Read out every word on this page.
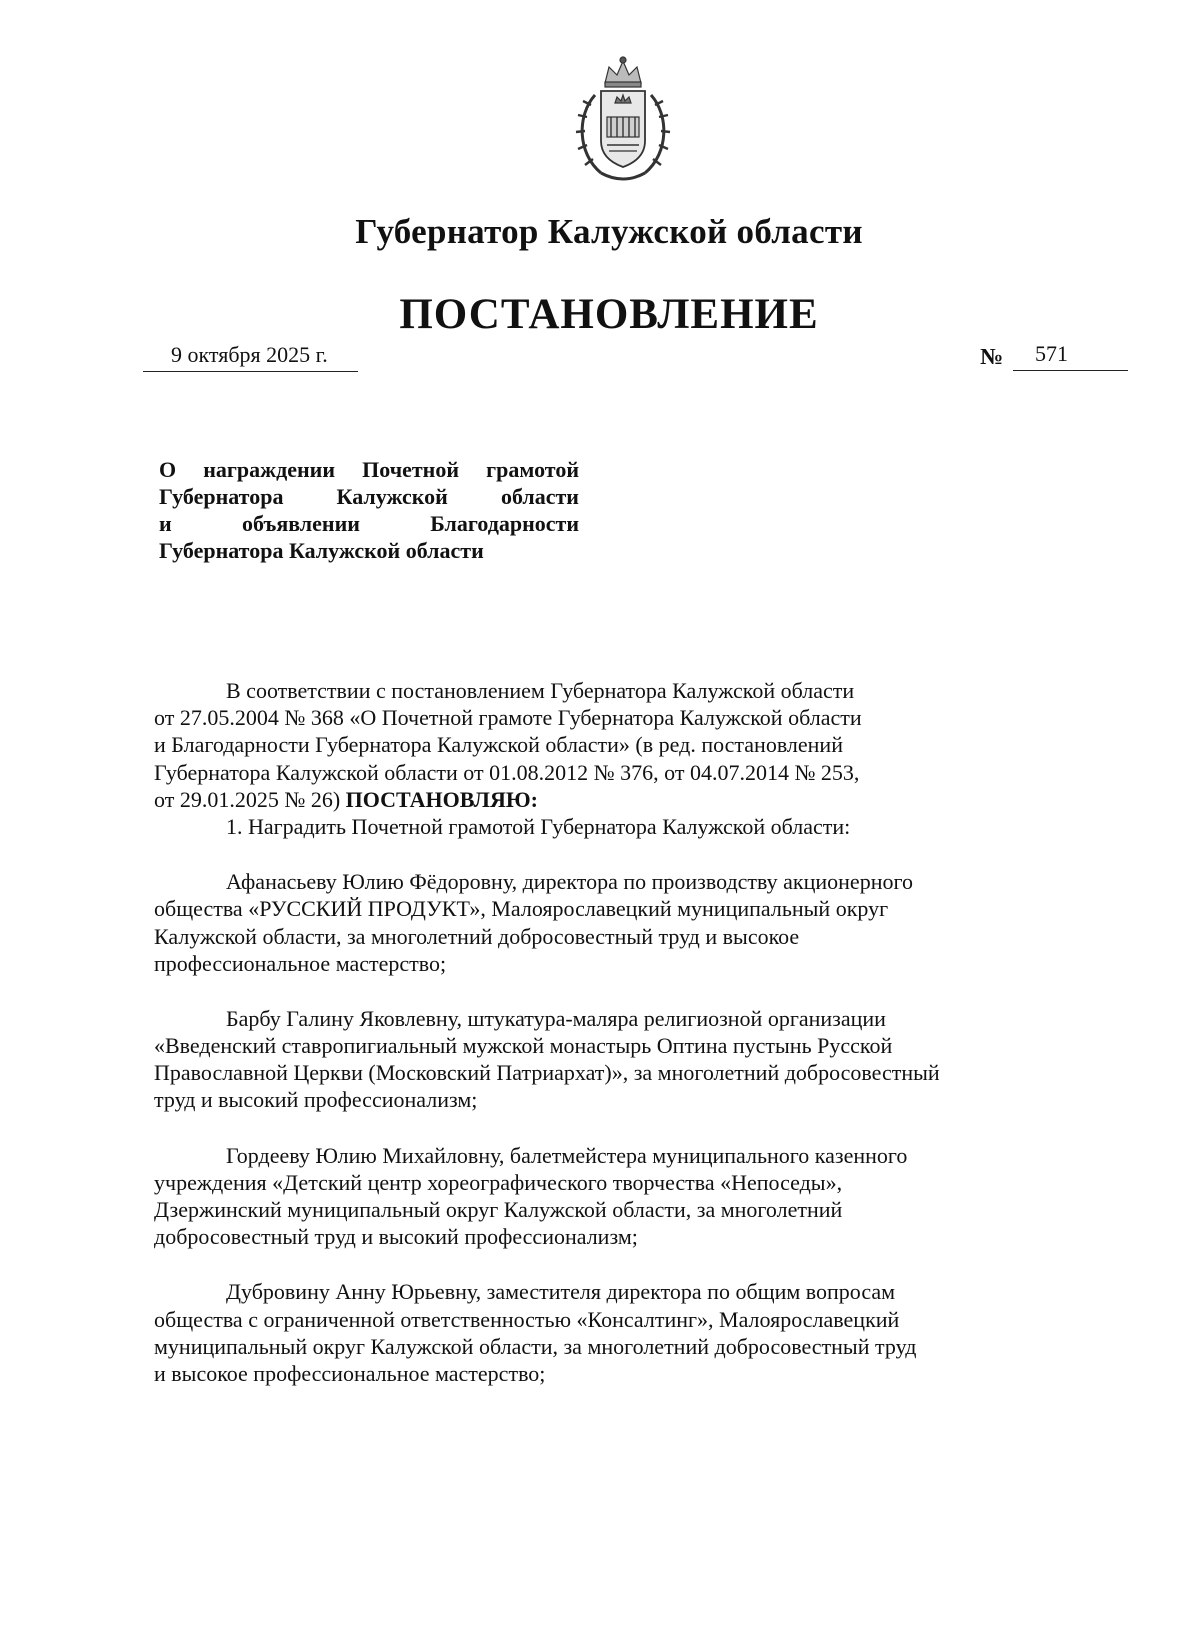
Губернатор Калужской области
ПОСТАНОВЛЕНИЕ
9 октября 2025 г.	№ 571
О награждении Почетной грамотой
Губернатора Калужской области
и объявлении Благодарности
Губернатора Калужской области
В соответствии с постановлением Губернатора Калужской области
от 27.05.2004 № 368 «О Почетной грамоте Губернатора Калужской области
и Благодарности Губернатора Калужской области» (в ред. постановлений
Губернатора Калужской области от 01.08.2012 № 376, от 04.07.2014 № 253,
от 29.01.2025 № 26) ПОСТАНОВЛЯЮ:
1. Наградить Почетной грамотой Губернатора Калужской области:
Афанасьеву Юлию Фёдоровну, директора по производству акционерного
общества «РУССКИЙ ПРОДУКТ», Малоярославецкий муниципальный округ
Калужской области, за многолетний добросовестный труд и высокое
профессиональное мастерство;
Барбу Галину Яковлевну, штукатура-маляра религиозной организации
«Введенский ставропигиальный мужской монастырь Оптина пустынь Русской
Православной Церкви (Московский Патриархат)», за многолетний добросовестный
труд и высокий профессионализм;
Гордееву Юлию Михайловну, балетмейстера муниципального казенного
учреждения «Детский центр хореографического творчества «Непоседы»,
Дзержинский муниципальный округ Калужской области, за многолетний
добросовестный труд и высокий профессионализм;
Дубровину Анну Юрьевну, заместителя директора по общим вопросам
общества с ограниченной ответственностью «Консалтинг», Малоярославецкий
муниципальный округ Калужской области, за многолетний добросовестный труд
и высокое профессиональное мастерство;
